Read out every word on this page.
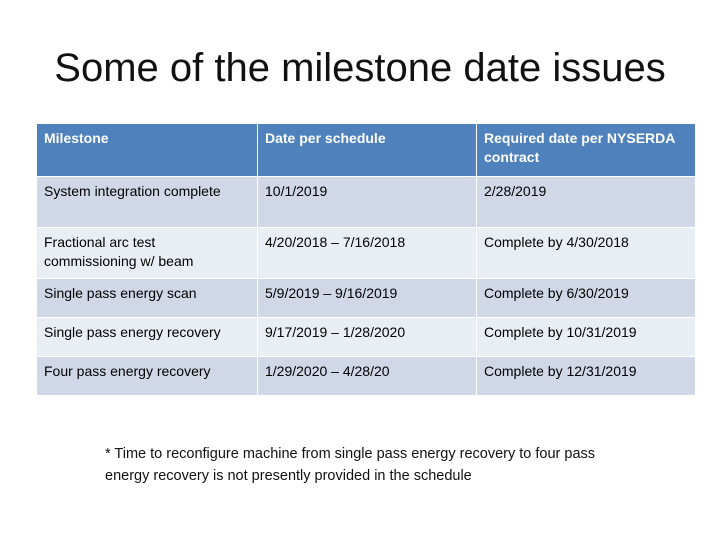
Some of the milestone date issues
Milestone	Date per schedule	Required date per NYSERDA contract
System integration complete	10/1/2019	2/28/2019
Fractional arc test commissioning w/ beam	4/20/2018 – 7/16/2018	Complete by 4/30/2018
Single pass energy scan	5/9/2019 – 9/16/2019	Complete by 6/30/2019
Single pass energy recovery	9/17/2019 – 1/28/2020	Complete by 10/31/2019
Four pass energy recovery	1/29/2020 – 4/28/20	Complete by 12/31/2019
* Time to reconfigure machine from single pass energy recovery to four pass energy recovery is not presently provided in the schedule
